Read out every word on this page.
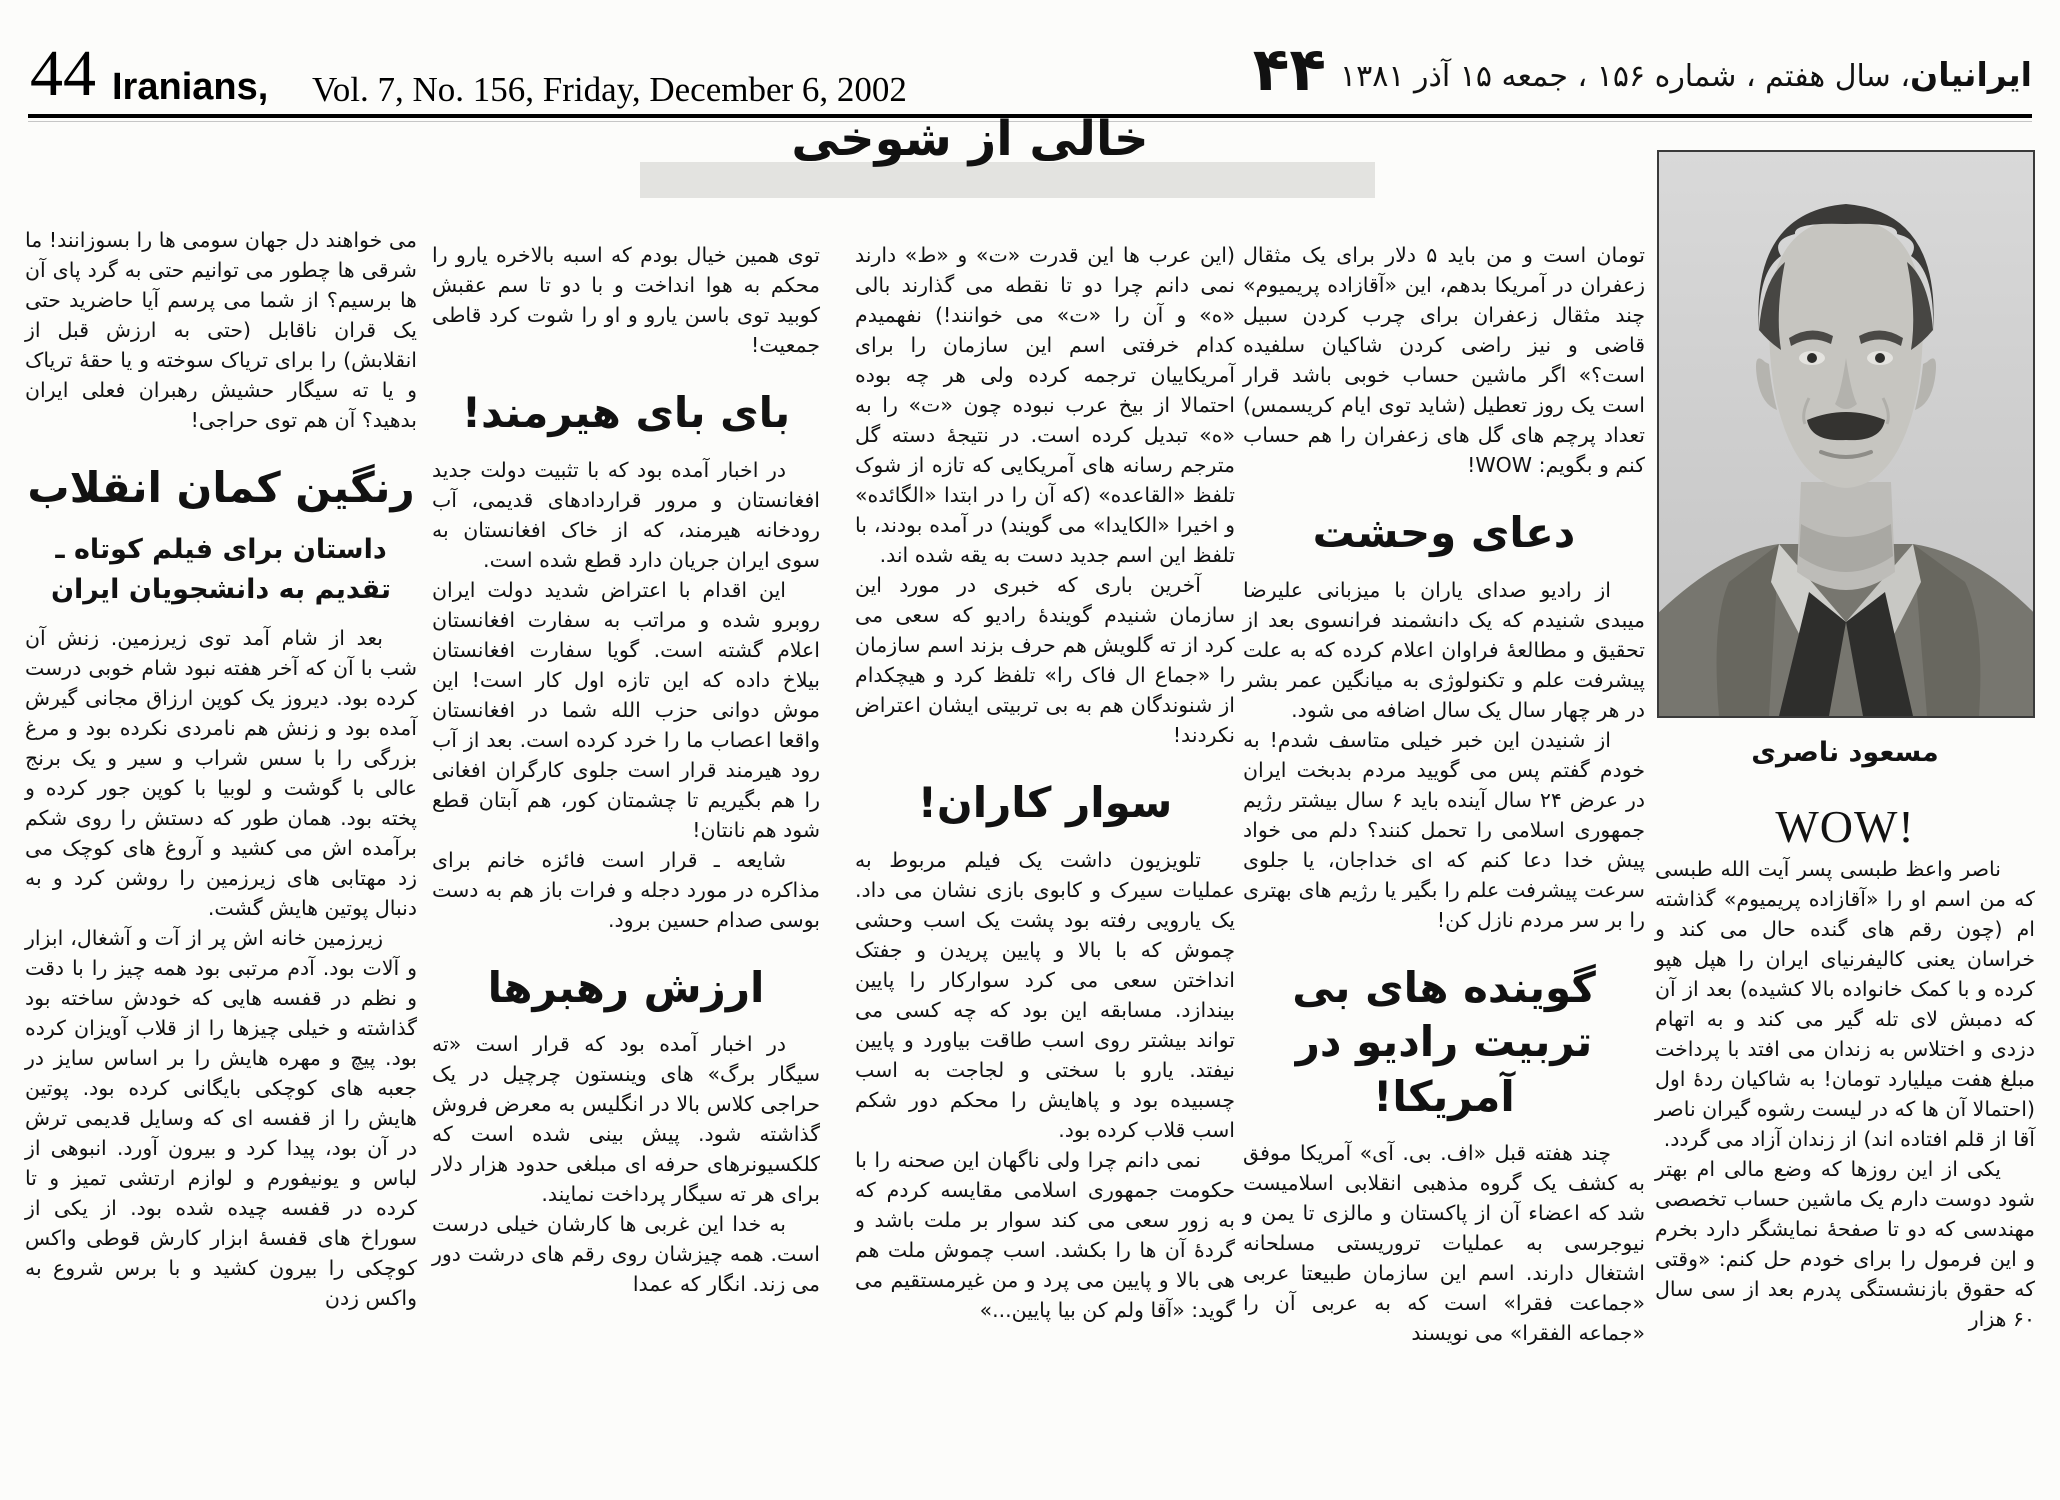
44 Iranians, Vol. 7, No. 156, Friday, December 6, 2002	ایرانیان، سال هفتم ، شماره ۱۵۶ ، جمعه ۱۵ آذر ۱۳۸۱
۴۴
خالی از شوخی
مسعود ناصری
WOW!

ناصر واعظ طبسی پسر آیت الله طبسی که من اسم او را «آقازاده پریمیوم» گذاشته ام (چون رقم های گنده حال می کند و خراسان یعنی کالیفرنیای ایران را هپل هپو کرده و با کمک خانواده بالا کشیده) بعد از آن که دمبش لای تله گیر می کند و به اتهام دزدی و اختلاس به زندان می افتد با پرداخت مبلغ هفت میلیارد تومان! به شاکیان ردهٔ اول (احتمالا آن ها که در لیست رشوه گیران ناصر آقا از قلم افتاده اند) از زندان آزاد می گردد.

یکی از این روزها که وضع مالی ام بهتر شود دوست دارم یک ماشین حساب تخصصی مهندسی که دو تا صفحهٔ نمایشگر دارد بخرم و این فرمول را برای خودم حل کنم: «وقتی که حقوق بازنشستگی پدرم بعد از سی سال ۶۰ هزار

تومان است و من باید ۵ دلار برای یک مثقال زعفران در آمریکا بدهم، این «آقازاده پریمیوم» چند مثقال زعفران برای چرب کردن سبیل قاضی و نیز راضی کردن شاکیان سلفیده است؟» اگر ماشین حساب خوبی باشد قرار است یک روز تعطیل (شاید توی ایام کریسمس) تعداد پرچم های گل های زعفران را هم حساب کنم و بگویم: WOW!

دعای وحشت

از رادیو صدای یاران با میزبانی علیرضا میبدی شنیدم که یک دانشمند فرانسوی بعد از تحقیق و مطالعهٔ فراوان اعلام کرده که به علت پیشرفت علم و تکنولوژی به میانگین عمر بشر در هر چهار سال یک سال اضافه می شود.

از شنیدن این خبر خیلی متاسف شدم! به خودم گفتم پس می گویید مردم بدبخت ایران در عرض ۲۴ سال آینده باید ۶ سال بیشتر رژیم جمهوری اسلامی را تحمل کنند؟ دلم می خواد پیش خدا دعا کنم که ای خداجان، یا جلوی سرعت پیشرفت علم را بگیر یا رژیم های بهتری را بر سر مردم نازل کن!

گوینده های بی تربیت رادیو در آمریکا!

چند هفته قبل «اف. بی. آی» آمریکا موفق به کشف یک گروه مذهبی انقلابی اسلامیست شد که اعضاء آن از پاکستان و مالزی تا یمن و نیوجرسی به عملیات تروریستی مسلحانه اشتغال دارند. اسم این سازمان طبیعتا عربی «جماعت فقرا» است که به عربی آن را «جماعه الفقرا» می نویسند

(این عرب ها این قدرت «ت» و «ط» دارند نمی دانم چرا دو تا نقطه می گذارند بالی «ه» و آن را «ت» می خوانند!) نفهمیدم کدام خرفتی اسم این سازمان را برای آمریکاییان ترجمه کرده ولی هر چه بوده احتمالا از بیخ عرب نبوده چون «ت» را به «ه» تبدیل کرده است. در نتیجهٔ دسته گل مترجم رسانه های آمریکایی که تازه از شوک تلفظ «القاعده» (که آن را در ابتدا «الگائده» و اخیرا «الکایدا» می گویند) در آمده بودند، با تلفظ این اسم جدید دست به یقه شده اند.

آخرین باری که خبری در مورد این سازمان شنیدم گویندهٔ رادیو که سعی می کرد از ته گلویش هم حرف بزند اسم سازمان را «جماع ال فاک را» تلفظ کرد و هیچکدام از شنوندگان هم به بی تربیتی ایشان اعتراض نکردند!

سوار کاران!

تلویزیون داشت یک فیلم مربوط به عملیات سیرک و کابوی بازی نشان می داد. یک یارویی رفته بود پشت یک اسب وحشی چموش که با بالا و پایین پریدن و جفتک انداختن سعی می کرد سوارکار را پایین بیندازد. مسابقه این بود که چه کسی می تواند بیشتر روی اسب طاقت بیاورد و پایین نیفتد. یارو با سختی و لجاجت به اسب چسبیده بود و پاهایش را محکم دور شکم اسب قلاب کرده بود.

نمی دانم چرا ولی ناگهان این صحنه را با حکومت جمهوری اسلامی مقایسه کردم که به زور سعی می کند سوار بر ملت باشد و گردهٔ آن ها را بکشد. اسب چموش ملت هم هی بالا و پایین می پرد و من غیرمستقیم می گوید: «آقا ولم کن بیا پایین...»

توی همین خیال بودم که اسبه بالاخره یارو را محکم به هوا انداخت و با دو تا سم عقبش کوبید توی باسن یارو و او را شوت کرد قاطی جمعیت!

بای بای هیرمند!

در اخبار آمده بود که با تثبیت دولت جدید افغانستان و مرور قراردادهای قدیمی، آب رودخانه هیرمند، که از خاک افغانستان به سوی ایران جریان دارد قطع شده است.

این اقدام با اعتراض شدید دولت ایران روبرو شده و مراتب به سفارت افغانستان اعلام گشته است. گویا سفارت افغانستان بیلاخ داده که این تازه اول کار است! این موش دوانی حزب الله شما در افغانستان واقعا اعصاب ما را خرد کرده است. بعد از آب رود هیرمند قرار است جلوی کارگران افغانی را هم بگیریم تا چشمتان کور، هم آبتان قطع شود هم نانتان!

شایعه ـ قرار است فائزه خانم برای مذاکره در مورد دجله و فرات باز هم به دست بوسی صدام حسین برود.

ارزش رهبرها

در اخبار آمده بود که قرار است «ته سیگار برگ» های وینستون چرچیل در یک حراجی کلاس بالا در انگلیس به معرض فروش گذاشته شود. پیش بینی شده است که کلکسیونرهای حرفه ای مبلغی حدود هزار دلار برای هر ته سیگار پرداخت نمایند.

به خدا این غربی ها کارشان خیلی درست است. همه چیزشان روی رقم های درشت دور می زند. انگار که عمدا

می خواهند دل جهان سومی ها را بسوزانند! ما شرقی ها چطور می توانیم حتی به گرد پای آن ها برسیم؟ از شما می پرسم آیا حاضرید حتی یک قران ناقابل (حتی به ارزش قبل از انقلابش) را برای تریاک سوخته و یا حقهٔ تریاک و یا ته سیگار حشیش رهبران فعلی ایران بدهید؟ آن هم توی حراجی!

رنگین کمان انقلاب
داستان برای فیلم کوتاه ـ تقدیم به دانشجویان ایران

بعد از شام آمد توی زیرزمین. زنش آن شب با آن که آخر هفته نبود شام خوبی درست کرده بود. دیروز یک کوپن ارزاق مجانی گیرش آمده بود و زنش هم نامردی نکرده بود و مرغ بزرگی را با سس شراب و سیر و یک برنج عالی با گوشت و لوبیا با کوپن جور کرده و پخته بود. همان طور که دستش را روی شکم برآمده اش می کشید و آروغ های کوچک می زد مهتابی های زیرزمین را روشن کرد و به دنبال پوتین هایش گشت.

زیرزمین خانه اش پر از آت و آشغال، ابزار و آلات بود. آدم مرتبی بود همه چیز را با دقت و نظم در قفسه هایی که خودش ساخته بود گذاشته و خیلی چیزها را از قلاب آویزان کرده بود. پیچ و مهره هایش را بر اساس سایز در جعبه های کوچکی بایگانی کرده بود. پوتین هایش را از قفسه ای که وسایل قدیمی ترش در آن بود، پیدا کرد و بیرون آورد. انبوهی از لباس و یونیفورم و لوازم ارتشی تمیز و تا کرده در قفسه چیده شده بود. از یکی از سوراخ های قفسهٔ ابزار کارش قوطی واکس کوچکی را بیرون کشید و با برس شروع به واکس زدن
